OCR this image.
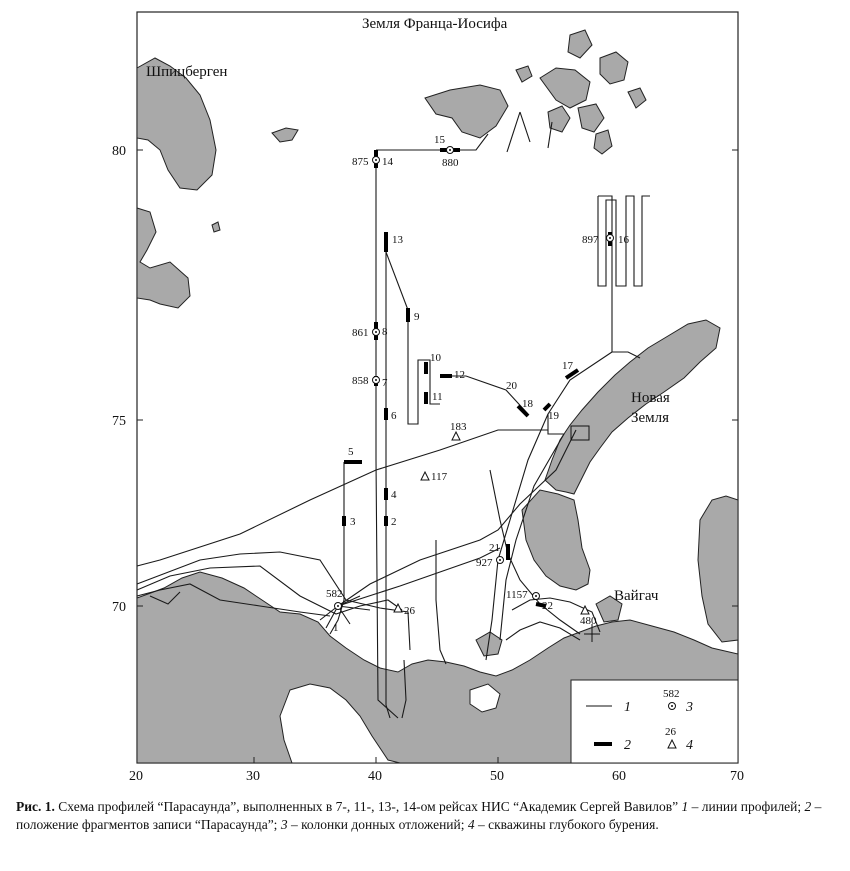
Земля Франца-Иосифа
Шпицберген
Новая
Земля
Вайгач
20	30	40	50	60	70
80
75
70
1
2
3
4
5
6
7
8
9
10
11
12
13
14
15
16
17
18
19
20
21
22
875	880
897
861
858
582
927
1157
183
117
26
480
1
2
582
3
26
4
Рис. 1. Схема профилей “Парасаунда”, выполненных в 7-, 11-, 13-, 14-ом рейсах НИС “Академик Сергей Вавилов” 1 – линии профилей; 2 – положение фрагментов записи “Парасаунда”; 3 – колонки донных отложений; 4 – скважины глубокого бурения.
